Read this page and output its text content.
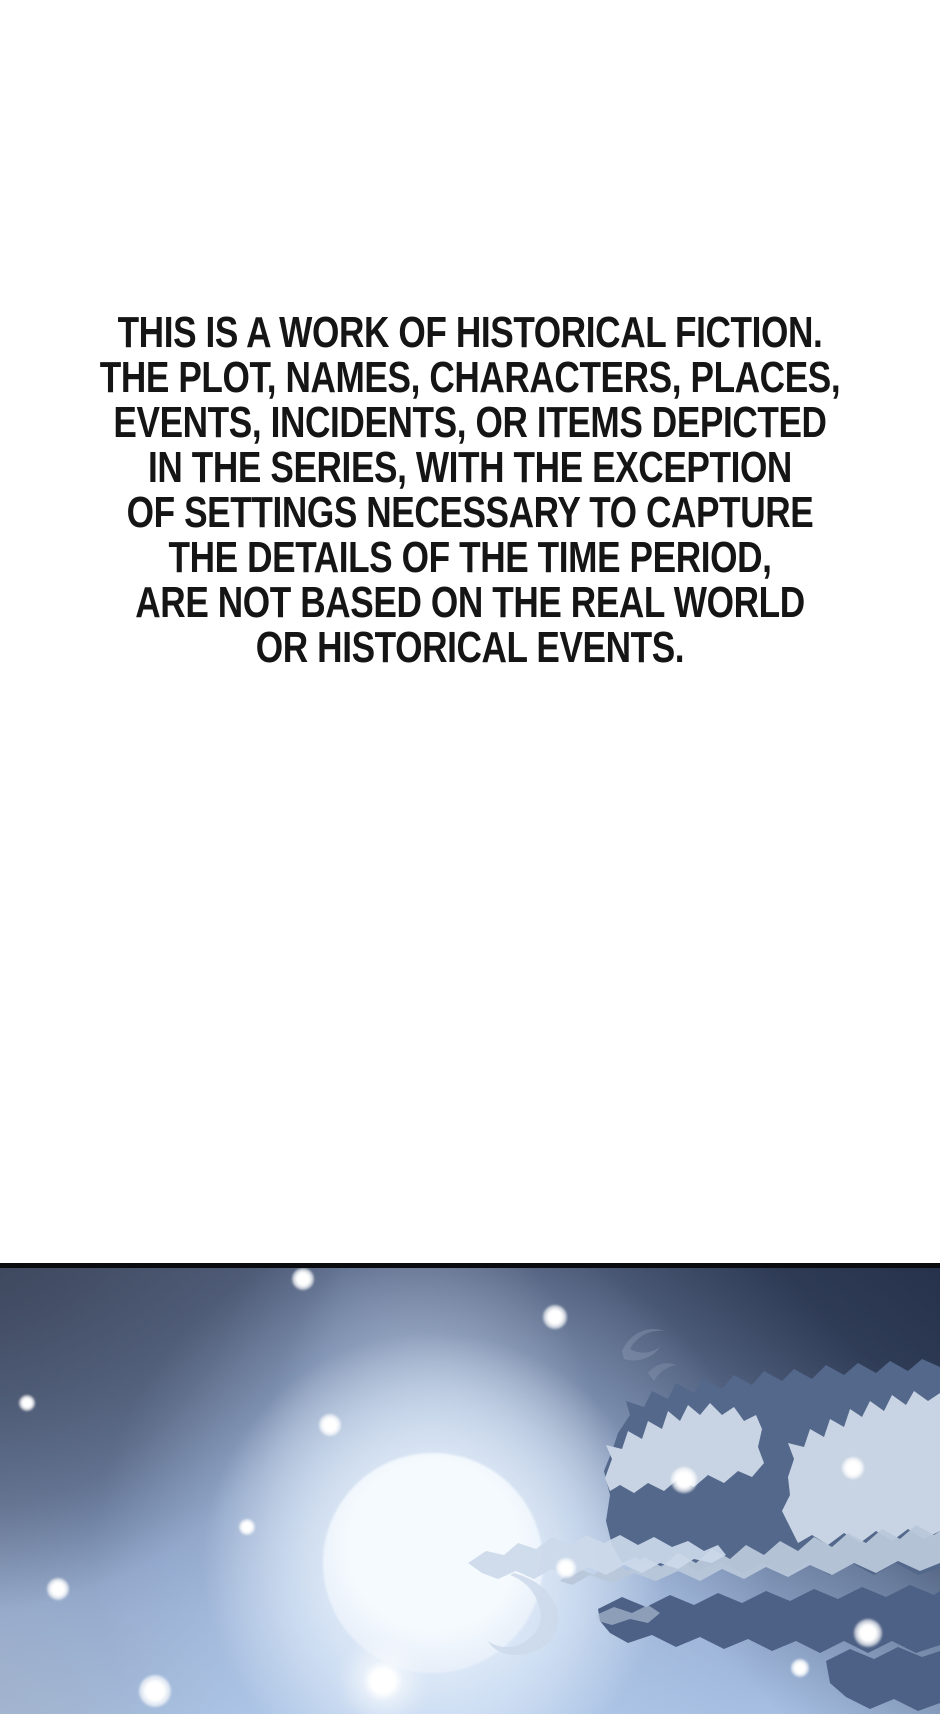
THIS IS A WORK OF HISTORICAL FICTION.
THE PLOT, NAMES, CHARACTERS, PLACES,
EVENTS, INCIDENTS, OR ITEMS DEPICTED
IN THE SERIES, WITH THE EXCEPTION
OF SETTINGS NECESSARY TO CAPTURE
THE DETAILS OF THE TIME PERIOD,
ARE NOT BASED ON THE REAL WORLD
OR HISTORICAL EVENTS.
